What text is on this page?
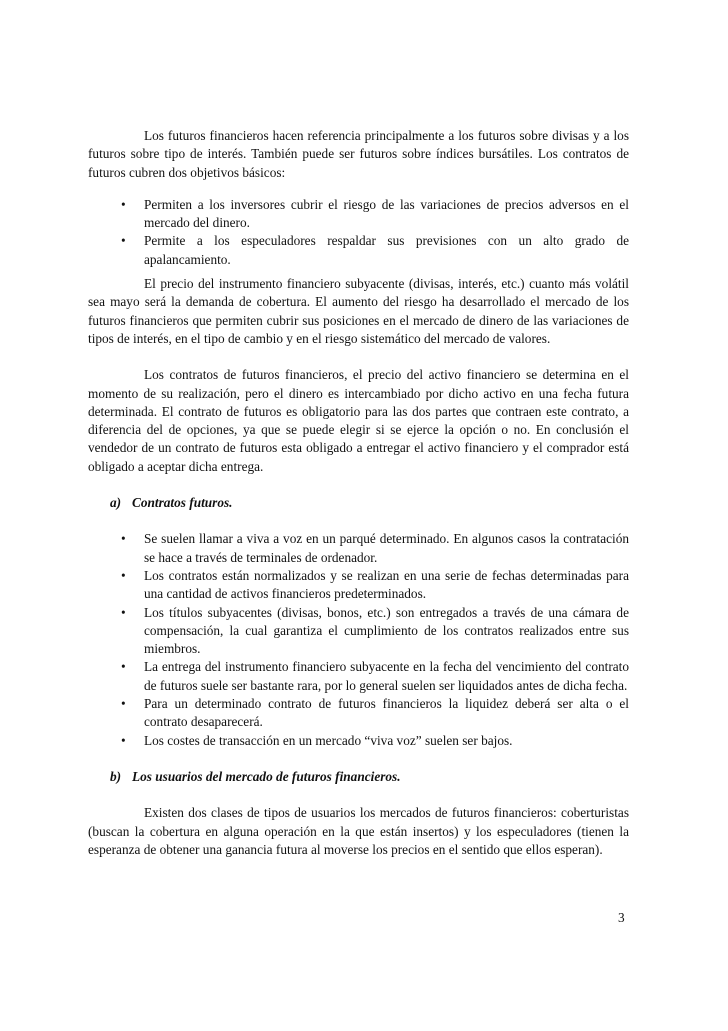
Los futuros financieros hacen referencia principalmente a los futuros sobre divisas y a los futuros sobre tipo de interés. También puede ser futuros sobre índices bursátiles. Los contratos de futuros cubren dos objetivos básicos:

• Permiten a los inversores cubrir el riesgo de las variaciones de precios adversos en el mercado del dinero.
• Permite a los especuladores respaldar sus previsiones con un alto grado de apalancamiento.

El precio del instrumento financiero subyacente (divisas, interés, etc.) cuanto más volátil sea mayo será la demanda de cobertura. El aumento del riesgo ha desarrollado el mercado de los futuros financieros que permiten cubrir sus posiciones en el mercado de dinero de las variaciones de tipos de interés, en el tipo de cambio y en el riesgo sistemático del mercado de valores.

Los contratos de futuros financieros, el precio del activo financiero se determina en el momento de su realización, pero el dinero es intercambiado por dicho activo en una fecha futura determinada. El contrato de futuros es obligatorio para las dos partes que contraen este contrato, a diferencia del de opciones, ya que se puede elegir si se ejerce la opción o no. En conclusión el vendedor de un contrato de futuros esta obligado a entregar el activo financiero y el comprador está obligado a aceptar dicha entrega.

a) Contratos futuros.
• Se suelen llamar a viva a voz en un parqué determinado. En algunos casos la contratación se hace a través de terminales de ordenador.
• Los contratos están normalizados y se realizan en una serie de fechas determinadas para una cantidad de activos financieros predeterminados.
• Los títulos subyacentes (divisas, bonos, etc.) son entregados a través de una cámara de compensación, la cual garantiza el cumplimiento de los contratos realizados entre sus miembros.
• La entrega del instrumento financiero subyacente en la fecha del vencimiento del contrato de futuros suele ser bastante rara, por lo general suelen ser liquidados antes de dicha fecha.
• Para un determinado contrato de futuros financieros la liquidez deberá ser alta o el contrato desaparecerá.
• Los costes de transacción en un mercado “viva voz” suelen ser bajos.
b) Los usuarios del mercado de futuros financieros.

Existen dos clases de tipos de usuarios los mercados de futuros financieros: coberturistas (buscan la cobertura en alguna operación en la que están insertos) y los especuladores (tienen la esperanza de obtener una ganancia futura al moverse los precios en el sentido que ellos esperan).

3
